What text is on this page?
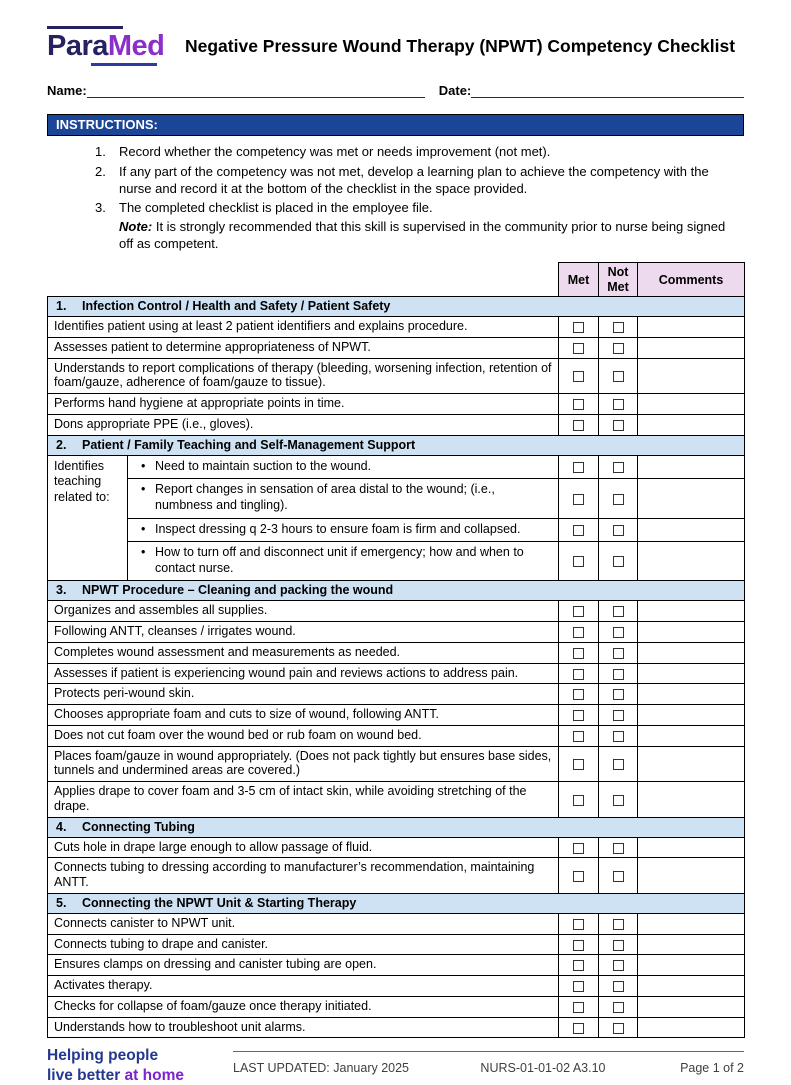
ParaMed Negative Pressure Wound Therapy (NPWT) Competency Checklist
Name:	Date:
INSTRUCTIONS:
1.	Record whether the competency was met or needs improvement (not met).
2.	If any part of the competency was not met, develop a learning plan to achieve the competency with the nurse and record it at the bottom of the checklist in the space provided.
3.	The completed checklist is placed in the employee file.
Note: It is strongly recommended that this skill is supervised in the community prior to nurse being signed off as competent.
		Met	Not Met	Comments
1. Infection Control / Health and Safety / Patient Safety				
Identifies patient using at least 2 patient identifiers and explains procedure.				
Assesses patient to determine appropriateness of NPWT.				
Understands to report complications of therapy (bleeding, worsening infection, retention of foam/gauze, adherence of foam/gauze to tissue).				
Performs hand hygiene at appropriate points in time.				
Dons appropriate PPE (i.e., gloves).				
2. Patient / Family Teaching and Self-Management Support				
Identifies teaching related to:	• Need to maintain suction to the wound.			

	• Report changes in sensation of area distal to the wound; (i.e., numbness and tingling).			

	• Inspect dressing q 2-3 hours to ensure foam is firm and collapsed.			

	• How to turn off and disconnect unit if emergency; how and when to contact nurse.			

3. NPWT Procedure – Cleaning and packing the wound				
Organizes and assembles all supplies.				
Following ANTT, cleanses / irrigates wound.				
Completes wound assessment and measurements as needed.				
Assesses if patient is experiencing wound pain and reviews actions to address pain.				
Protects peri-wound skin.				
Chooses appropriate foam and cuts to size of wound, following ANTT.				
Does not cut foam over the wound bed or rub foam on wound bed.				
Places foam/gauze in wound appropriately. (Does not pack tightly but ensures base sides, tunnels and undermined areas are covered.)				
Applies drape to cover foam and 3-5 cm of intact skin, while avoiding stretching of the drape.				
4. Connecting Tubing				
Cuts hole in drape large enough to allow passage of fluid.				
Connects tubing to dressing according to manufacturer’s recommendation, maintaining ANTT.				
5. Connecting the NPWT Unit & Starting Therapy				
Connects canister to NPWT unit.				
Connects tubing to drape and canister.				
Ensures clamps on dressing and canister tubing are open.				
Activates therapy.				
Checks for collapse of foam/gauze once therapy initiated.				
Understands how to troubleshoot unit alarms.				
Helping people
live better at home	LAST UPDATED: January 2025	NURS-01-01-02 A3.10	Page 1 of 2
